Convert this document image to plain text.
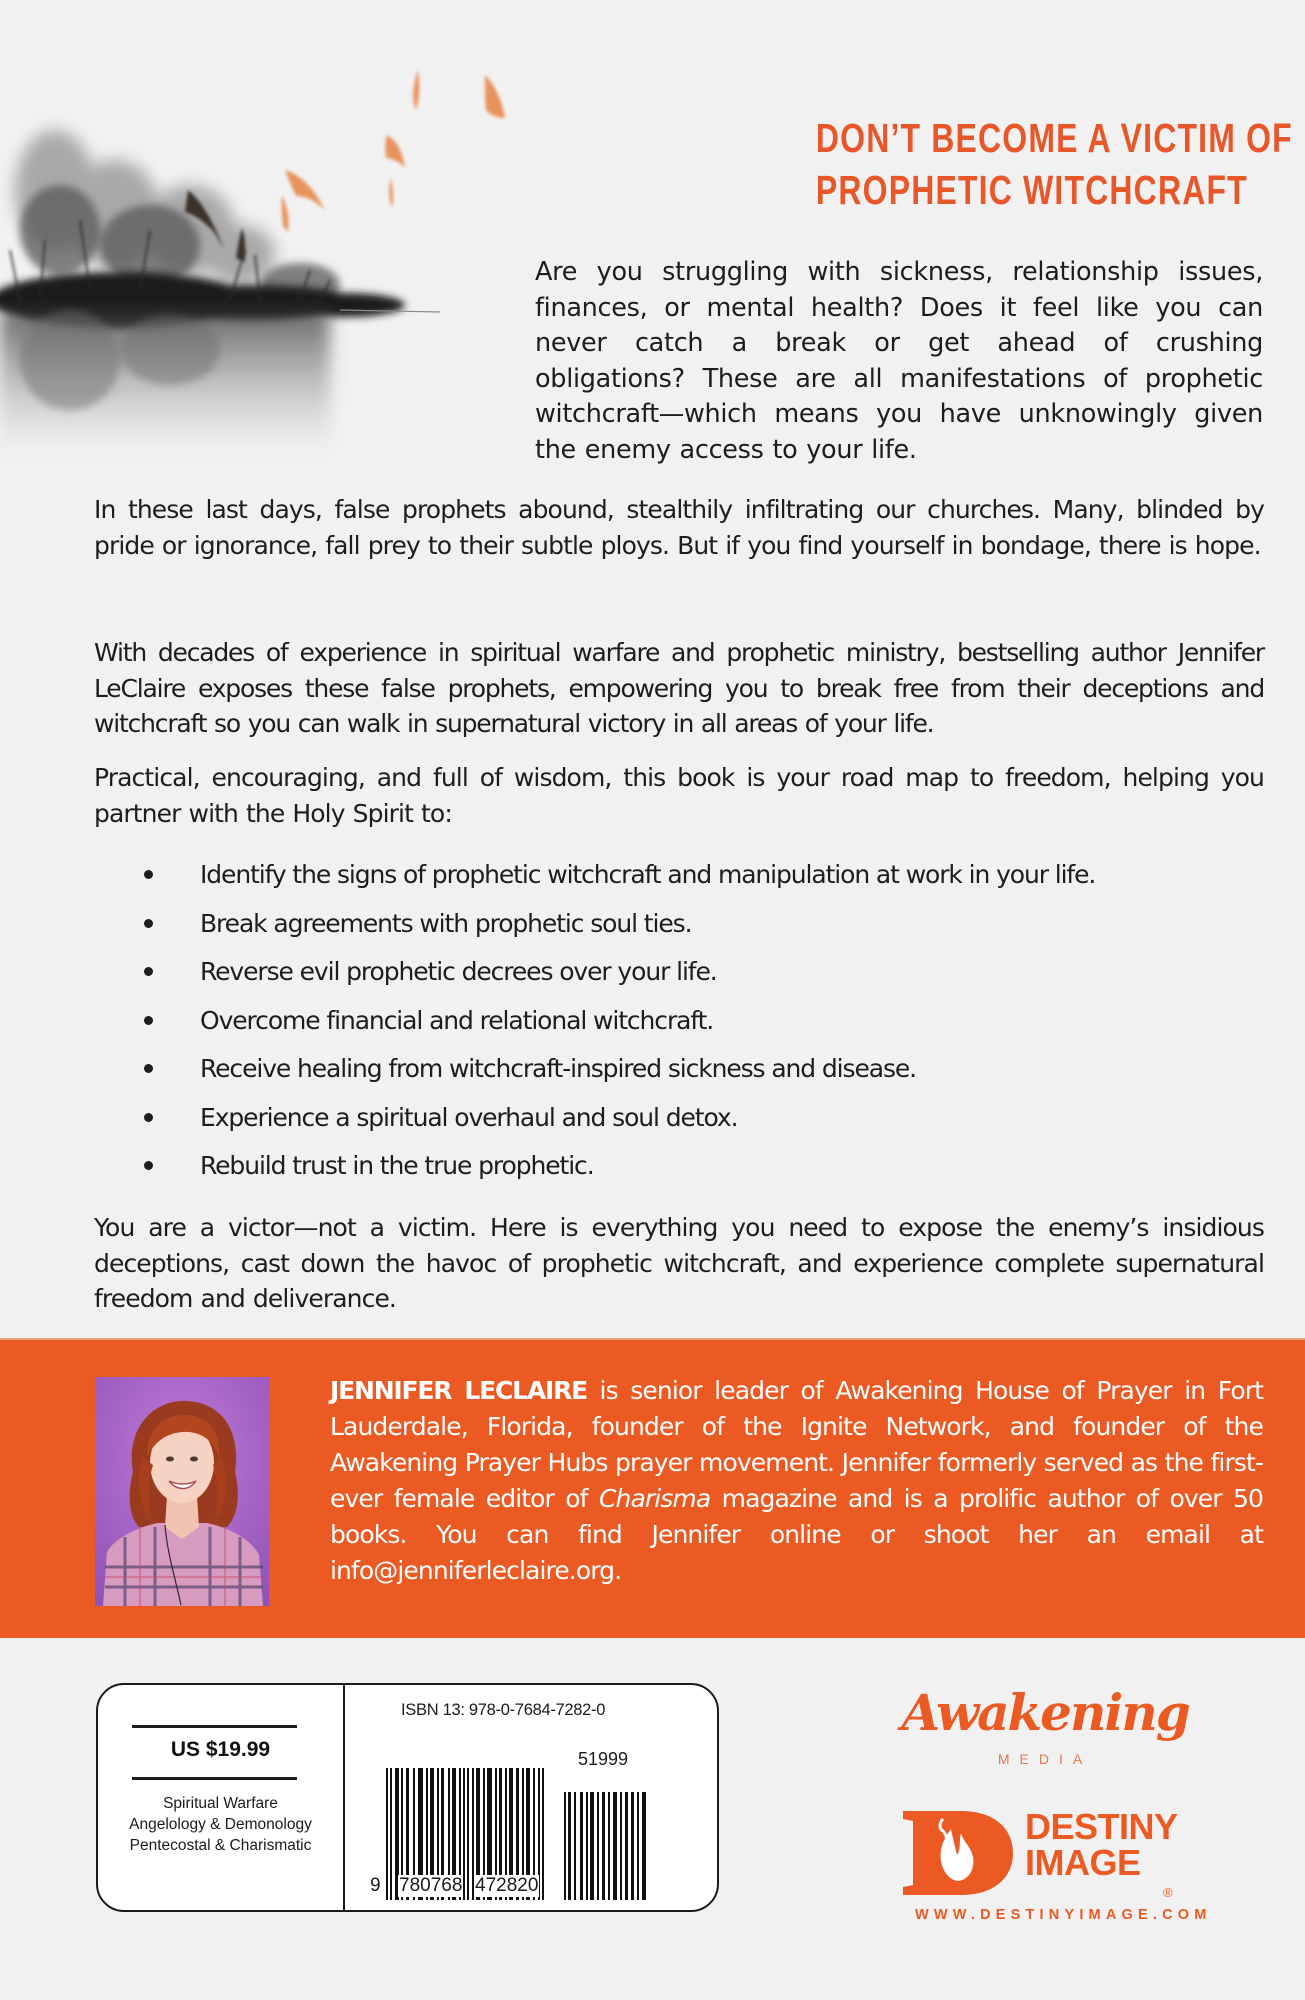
DON’T BECOME A VICTIM OF
PROPHETIC WITCHCRAFT

Are you struggling with sickness, relationship issues, finances, or mental health? Does it feel like you can never catch a break or get ahead of crushing obligations? These are all manifestations of prophetic witchcraft—which means you have unknowingly given the enemy access to your life.

In these last days, false prophets abound, stealthily infiltrating our churches. Many, blinded by pride or ignorance, fall prey to their subtle ploys. But if you find yourself in bondage, there is hope.

With decades of experience in spiritual warfare and prophetic ministry, bestselling author Jennifer LeClaire exposes these false prophets, empowering you to break free from their deceptions and witchcraft so you can walk in supernatural victory in all areas of your life.

Practical, encouraging, and full of wisdom, this book is your road map to freedom, helping you partner with the Holy Spirit to:

Identify the signs of prophetic witchcraft and manipulation at work in your life.
Break agreements with prophetic soul ties.
Reverse evil prophetic decrees over your life.
Overcome financial and relational witchcraft.
Receive healing from witchcraft-inspired sickness and disease.
Experience a spiritual overhaul and soul detox.
Rebuild trust in the true prophetic.

You are a victor—not a victim. Here is everything you need to expose the enemy’s insidious deceptions, cast down the havoc of prophetic witchcraft, and experience complete supernatural freedom and deliverance.

JENNIFER LECLAIRE is senior leader of Awakening House of Prayer in Fort Lauderdale, Florida, founder of the Ignite Network, and founder of the Awakening Prayer Hubs prayer movement. Jennifer formerly served as the first-ever female editor of Charisma magazine and is a prolific author of over 50 books. You can find Jennifer online or shoot her an email at info@jenniferleclaire.org.

US $19.99
Spiritual Warfare
Angelology & Demonology
Pentecostal & Charismatic
ISBN 13: 978-0-7684-7282-0
9 780768 472820
51999
Awakening
MEDIA
DESTINY
IMAGE
®
WWW.DESTINYIMAGE.COM
